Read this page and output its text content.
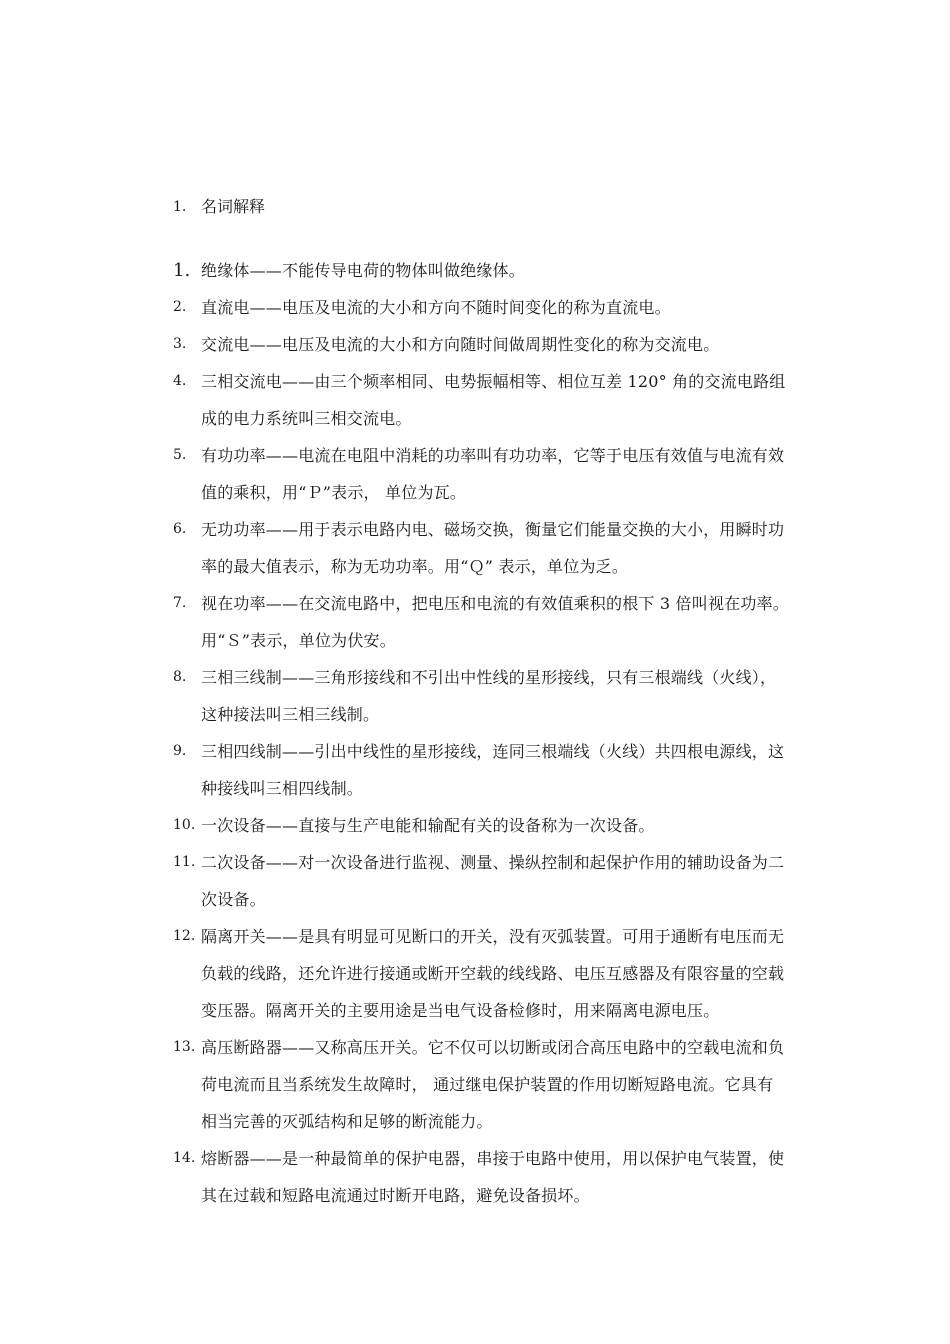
1. 名词解释
1. 绝缘体——不能传导电荷的物体叫做绝缘体。
2. 直流电——电压及电流的大小和方向不随时间变化的称为直流电。
3. 交流电——电压及电流的大小和方向随时间做周期性变化的称为交流电。
4. 三相交流电——由三个频率相同、电势振幅相等、相位互差 120° 角的交流电路组
成的电力系统叫三相交流电。
5. 有功功率——电流在电阻中消耗的功率叫有功功率，它等于电压有效值与电流有效
值的乘积，用“Ｐ”表示， 单位为瓦。
6. 无功功率——用于表示电路内电、磁场交换，衡量它们能量交换的大小，用瞬时功
率的最大值表示，称为无功功率。用“Ｑ” 表示，单位为乏。
7. 视在功率——在交流电路中，把电压和电流的有效值乘积的根下 3 倍叫视在功率。
用“Ｓ”表示，单位为伏安。
8. 三相三线制——三角形接线和不引出中性线的星形接线，只有三根端线（火线），
这种接法叫三相三线制。
9. 三相四线制——引出中线性的星形接线，连同三根端线（火线）共四根电源线，这
种接线叫三相四线制。
10. 一次设备——直接与生产电能和输配有关的设备称为一次设备。
11. 二次设备——对一次设备进行监视、测量、操纵控制和起保护作用的辅助设备为二
次设备。
12. 隔离开关——是具有明显可见断口的开关，没有灭弧装置。可用于通断有电压而无
负载的线路，还允许进行接通或断开空载的线线路、电压互感器及有限容量的空载
变压器。隔离开关的主要用途是当电气设备检修时，用来隔离电源电压。
13. 高压断路器——又称高压开关。它不仅可以切断或闭合高压电路中的空载电流和负
荷电流而且当系统发生故障时， 通过继电保护装置的作用切断短路电流。它具有
相当完善的灭弧结构和足够的断流能力。
14. 熔断器——是一种最简单的保护电器，串接于电路中使用，用以保护电气装置，使
其在过载和短路电流通过时断开电路，避免设备损坏。
